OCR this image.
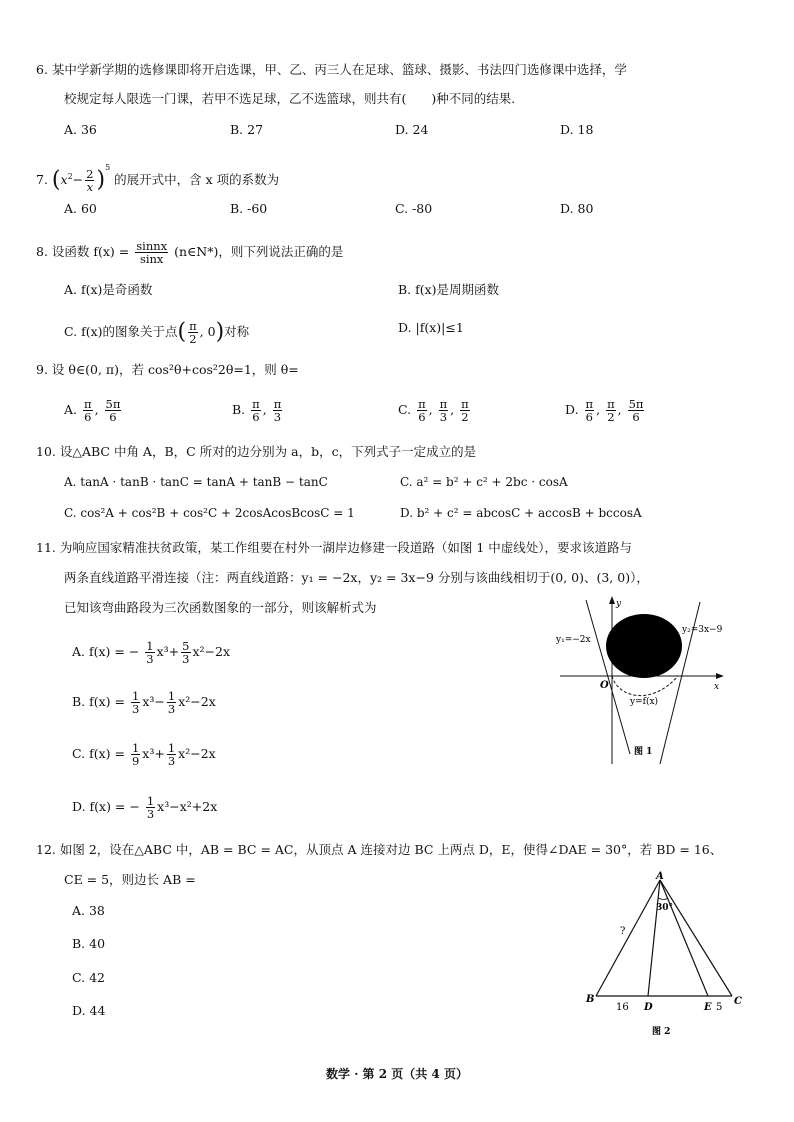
6. 某中学新学期的选修课即将开启选课，甲、乙、丙三人在足球、篮球、摄影、书法四门选修课中选择，学
校规定每人限选一门课，若甲不选足球，乙不选篮球，则共有(　　)种不同的结果.
A. 36	B. 27	D. 24	D. 18
7. $(x^2- \frac{2}{x} )^5$ 的展开式中，含 x 项的系数为
A. 60	B. -60	C. -80	D. 80
8. 设函数 $f(x) = \frac{\text{sinnx}}{\sin x}$ (n∈N*)，则下列说法正确的是
A. f(x)是奇函数	B. f(x)是周期函数
C. f(x)的图象关于点( $\frac{\pi}{2}$ , 0)对称	D. |f(x)|≤1
9. 设 θ∈(0, π)，若 cos²θ+cos²2θ=1，则 θ=
A. $\frac{\pi}{6}$ , $\frac{5\pi}{6}$	B. $\frac{\pi}{6}$ , $\frac{\pi}{3}$	C. $\frac{\pi}{6}$ , $\frac{\pi}{3}$ , $\frac{\pi}{2}$	D. $\frac{\pi}{6}$ , $\frac{\pi}{2}$ , $\frac{5\pi}{6}$
10. 设△ABC 中角 A，B，C 所对的边分别为 a，b，c，下列式子一定成立的是
A. tanA · tanB · tanC = tanA + tanB − tanC	C. a² = b² + c² + 2bc · cosA
C. cos²A + cos²B + cos²C + 2cosAcosBcosC = 1	D. b² + c² = abcosC + accosB + bccosA
11. 为响应国家精准扶贫政策，某工作组要在村外一湖岸边修建一段道路（如图 1 中虚线处），要求该道路与
两条直线道路平滑连接（注：两直线道路：y₁ = −2x，y₂ = 3x−9 分别与该曲线相切于(0, 0)、(3, 0)），
已知该弯曲路段为三次函数图象的一部分，则该解析式为
A. f(x) = − $\frac{1}{3} x^3+ \frac{5}{3} x^2-2x$
B. $f(x) = \frac{1}{3} x^3- \frac{1}{3} x^2-2x$
C. $f(x) = \frac{1}{9} x^3+ \frac{1}{3} x^2-2x$
D. f(x) = − $\frac{1}{3} x^3-x^2+2x$
y
x
O
y₁=−2x
y₂=3x−9
y=f(x)
图 1
12. 如图 2，设在△ABC 中，AB = BC = AC，从顶点 A 连接对边 BC 上两点 D，E，使得∠DAE = 30°，若 BD = 16、
CE = 5，则边长 AB =
A. 38
B. 40
C. 42
D. 44
A
B	C
D	E
30°
?
16	5
图 2
数学 · 第 2 页（共 4 页）
